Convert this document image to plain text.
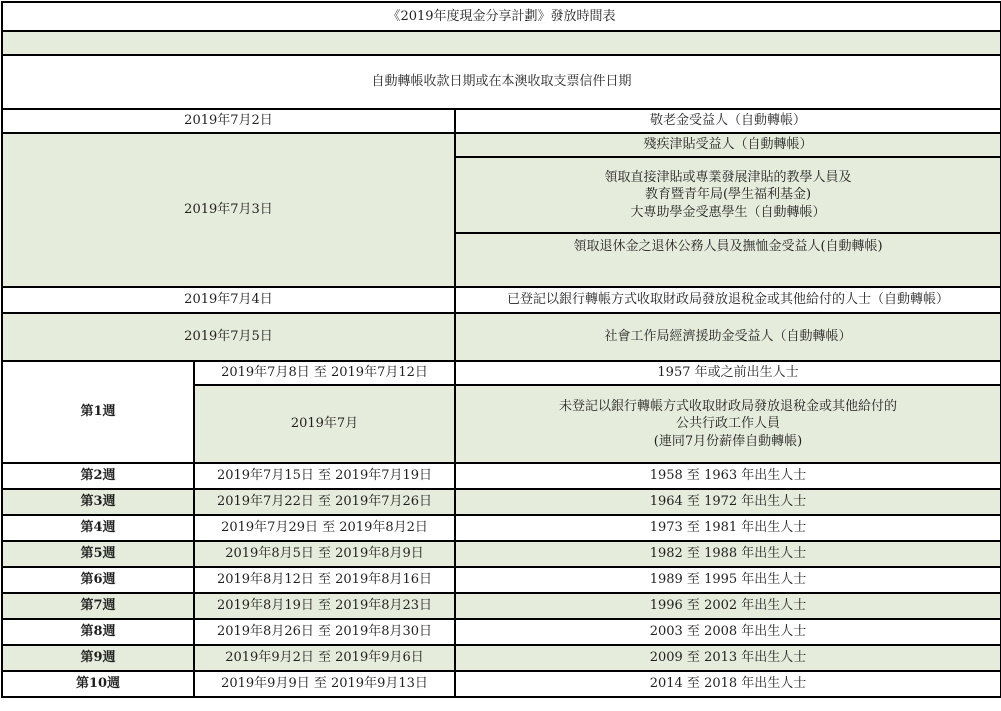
《2019年度現金分享計劃》發放時間表		

自動轉帳收款日期或在本澳收取支票信件日期		
2019年7月2日		敬老金受益人（自動轉帳）
2019年7月3日		殘疾津貼受益人（自動轉帳）

		領取直接津貼或專業發展津貼的教學人員及
教育暨青年局(學生福利基金)
大專助學金受惠學生（自動轉帳）

		領取退休金之退休公務人員及撫恤金受益人(自動轉帳)
2019年7月4日		已登記以銀行轉帳方式收取財政局發放退稅金或其他給付的人士（自動轉帳）
2019年7月5日		社會工作局經濟援助金受益人（自動轉帳）
第1週	2019年7月8日 至 2019年7月12日	1957 年或之前出生人士
	2019年7月	未登記以銀行轉帳方式收取財政局發放退稅金或其他給付的
公共行政工作人員
(連同7月份薪俸自動轉帳)

第2週	2019年7月15日 至 2019年7月19日	1958 至 1963 年出生人士
第3週	2019年7月22日 至 2019年7月26日	1964 至 1972 年出生人士
第4週	2019年7月29日 至 2019年8月2日	1973 至 1981 年出生人士
第5週	2019年8月5日 至 2019年8月9日	1982 至 1988 年出生人士
第6週	2019年8月12日 至 2019年8月16日	1989 至 1995 年出生人士
第7週	2019年8月19日 至 2019年8月23日	1996 至 2002 年出生人士
第8週	2019年8月26日 至 2019年8月30日	2003 至 2008 年出生人士
第9週	2019年9月2日 至 2019年9月6日	2009 至 2013 年出生人士
第10週	2019年9月9日 至 2019年9月13日	2014 至 2018 年出生人士
